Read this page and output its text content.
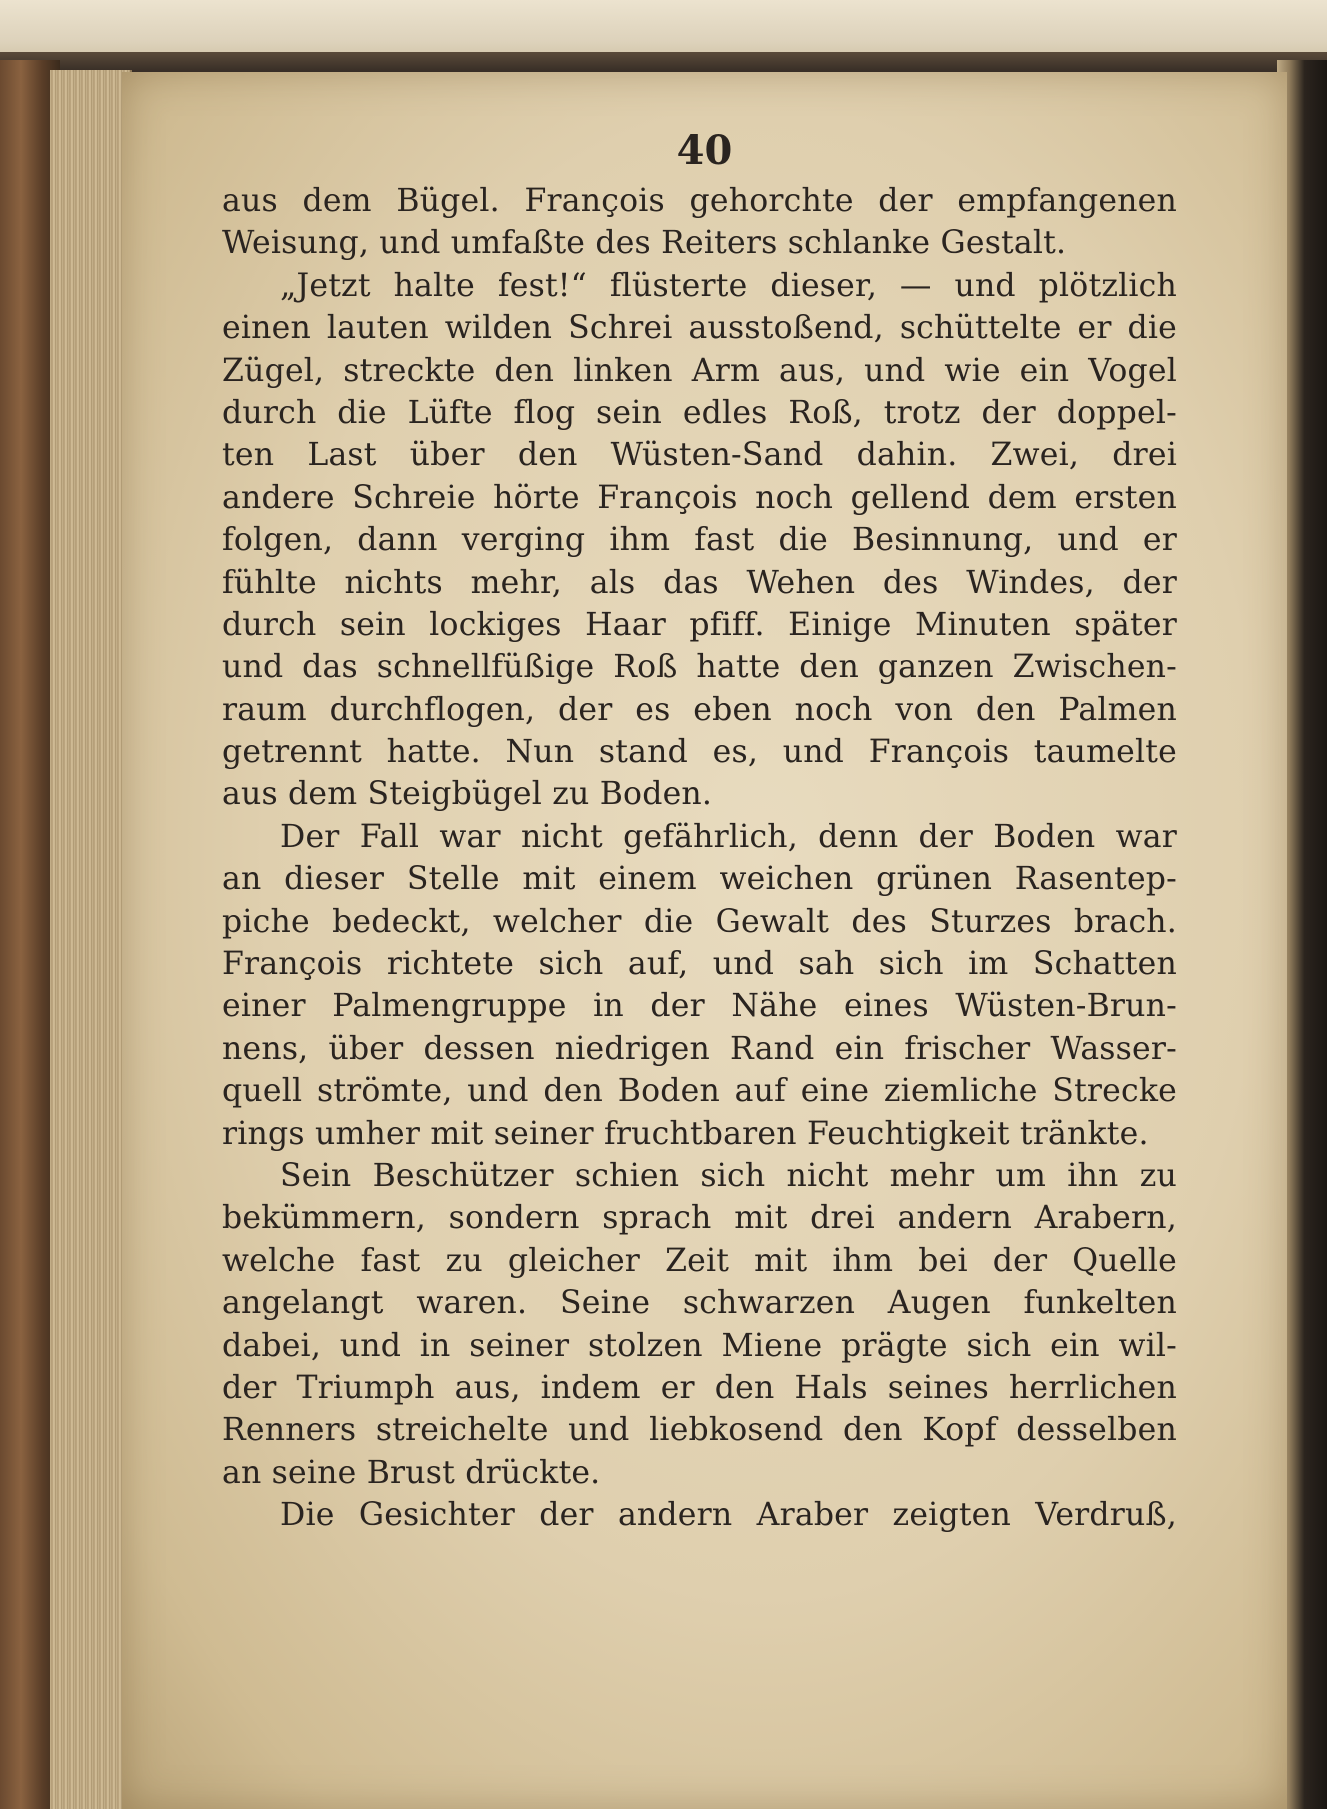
40
aus dem Bügel. François gehorchte der empfangenen
Weisung, und umfaßte des Reiters schlanke Gestalt.
„Jetzt halte fest!“ flüsterte dieser, — und plötzlich
einen lauten wilden Schrei ausstoßend, schüttelte er die
Zügel, streckte den linken Arm aus, und wie ein Vogel
durch die Lüfte flog sein edles Roß, trotz der doppel-
ten Last über den Wüsten-Sand dahin. Zwei, drei
andere Schreie hörte François noch gellend dem ersten
folgen, dann verging ihm fast die Besinnung, und er
fühlte nichts mehr, als das Wehen des Windes, der
durch sein lockiges Haar pfiff. Einige Minuten später
und das schnellfüßige Roß hatte den ganzen Zwischen-
raum durchflogen, der es eben noch von den Palmen
getrennt hatte. Nun stand es, und François taumelte
aus dem Steigbügel zu Boden.
Der Fall war nicht gefährlich, denn der Boden war
an dieser Stelle mit einem weichen grünen Rasentep-
piche bedeckt, welcher die Gewalt des Sturzes brach.
François richtete sich auf, und sah sich im Schatten
einer Palmengruppe in der Nähe eines Wüsten-Brun-
nens, über dessen niedrigen Rand ein frischer Wasser-
quell strömte, und den Boden auf eine ziemliche Strecke
rings umher mit seiner fruchtbaren Feuchtigkeit tränkte.
Sein Beschützer schien sich nicht mehr um ihn zu
bekümmern, sondern sprach mit drei andern Arabern,
welche fast zu gleicher Zeit mit ihm bei der Quelle
angelangt waren. Seine schwarzen Augen funkelten
dabei, und in seiner stolzen Miene prägte sich ein wil-
der Triumph aus, indem er den Hals seines herrlichen
Renners streichelte und liebkosend den Kopf desselben
an seine Brust drückte.
Die Gesichter der andern Araber zeigten Verdruß,
